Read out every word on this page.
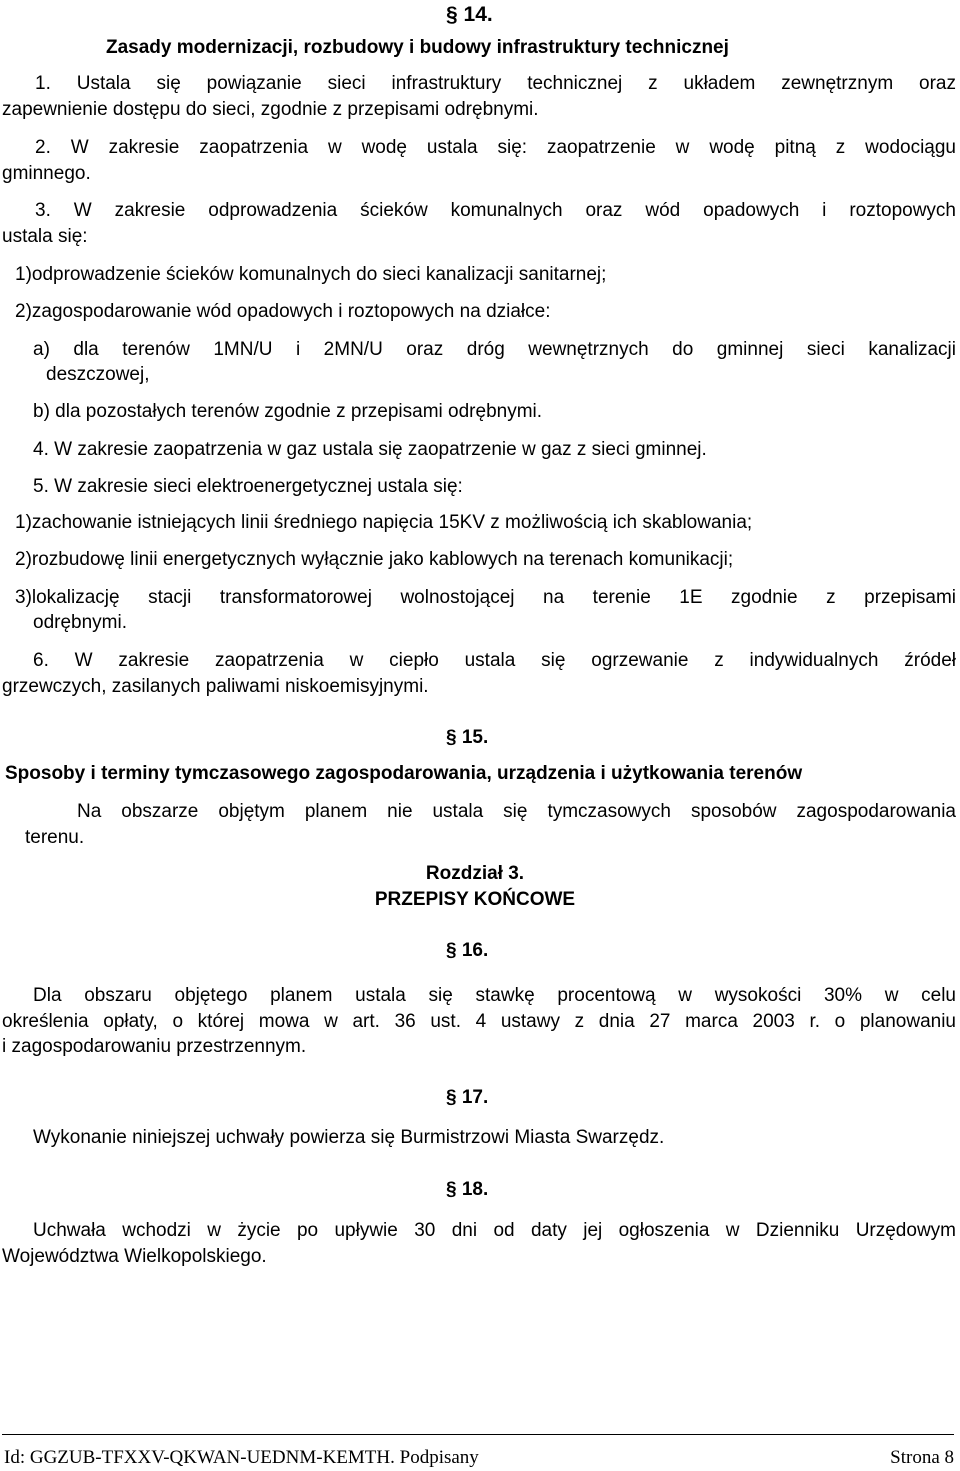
§ 14.
Zasady modernizacji, rozbudowy i budowy infrastruktury technicznej
1. Ustala się powiązanie sieci infrastruktury technicznej z układem zewnętrznym oraz
zapewnienie dostępu do sieci, zgodnie z przepisami odrębnymi.
2. W zakresie zaopatrzenia w wodę ustala się: zaopatrzenie w wodę pitną z wodociągu
gminnego.
3. W zakresie odprowadzenia ścieków komunalnych oraz wód opadowych i roztopowych
ustala się:
1)odprowadzenie ścieków komunalnych do sieci kanalizacji sanitarnej;
2)zagospodarowanie wód opadowych i roztopowych na działce:
a) dla terenów 1MN/U i 2MN/U oraz dróg wewnętrznych do gminnej sieci kanalizacji
deszczowej,
b) dla pozostałych terenów zgodnie z przepisami odrębnymi.
4. W zakresie zaopatrzenia w gaz ustala się zaopatrzenie w gaz z sieci gminnej.
5. W zakresie sieci elektroenergetycznej ustala się:
1)zachowanie istniejących linii średniego napięcia 15KV z możliwością ich skablowania;
2)rozbudowę linii energetycznych wyłącznie jako kablowych na terenach komunikacji;
3)lokalizację stacji transformatorowej wolnostojącej na terenie 1E zgodnie z przepisami
odrębnymi.
6. W zakresie zaopatrzenia w ciepło ustala się ogrzewanie z indywidualnych źródeł
grzewczych, zasilanych paliwami niskoemisyjnymi.
§ 15.
Sposoby i terminy tymczasowego zagospodarowania, urządzenia i użytkowania terenów
Na obszarze objętym planem nie ustala się tymczasowych sposobów zagospodarowania
terenu.
Rozdział 3.
PRZEPISY KOŃCOWE
§ 16.
Dla obszaru objętego planem ustala się stawkę procentową w wysokości 30% w celu
określenia opłaty, o której mowa w art. 36 ust. 4 ustawy z dnia 27 marca 2003 r. o planowaniu
i zagospodarowaniu przestrzennym.
§ 17.
Wykonanie niniejszej uchwały powierza się Burmistrzowi Miasta Swarzędz.
§ 18.
Uchwała wchodzi w życie po upływie 30 dni od daty jej ogłoszenia w Dzienniku Urzędowym
Województwa Wielkopolskiego.
Id: GGZUB-TFXXV-QKWAN-UEDNM-KEMTH. Podpisany	Strona 8
